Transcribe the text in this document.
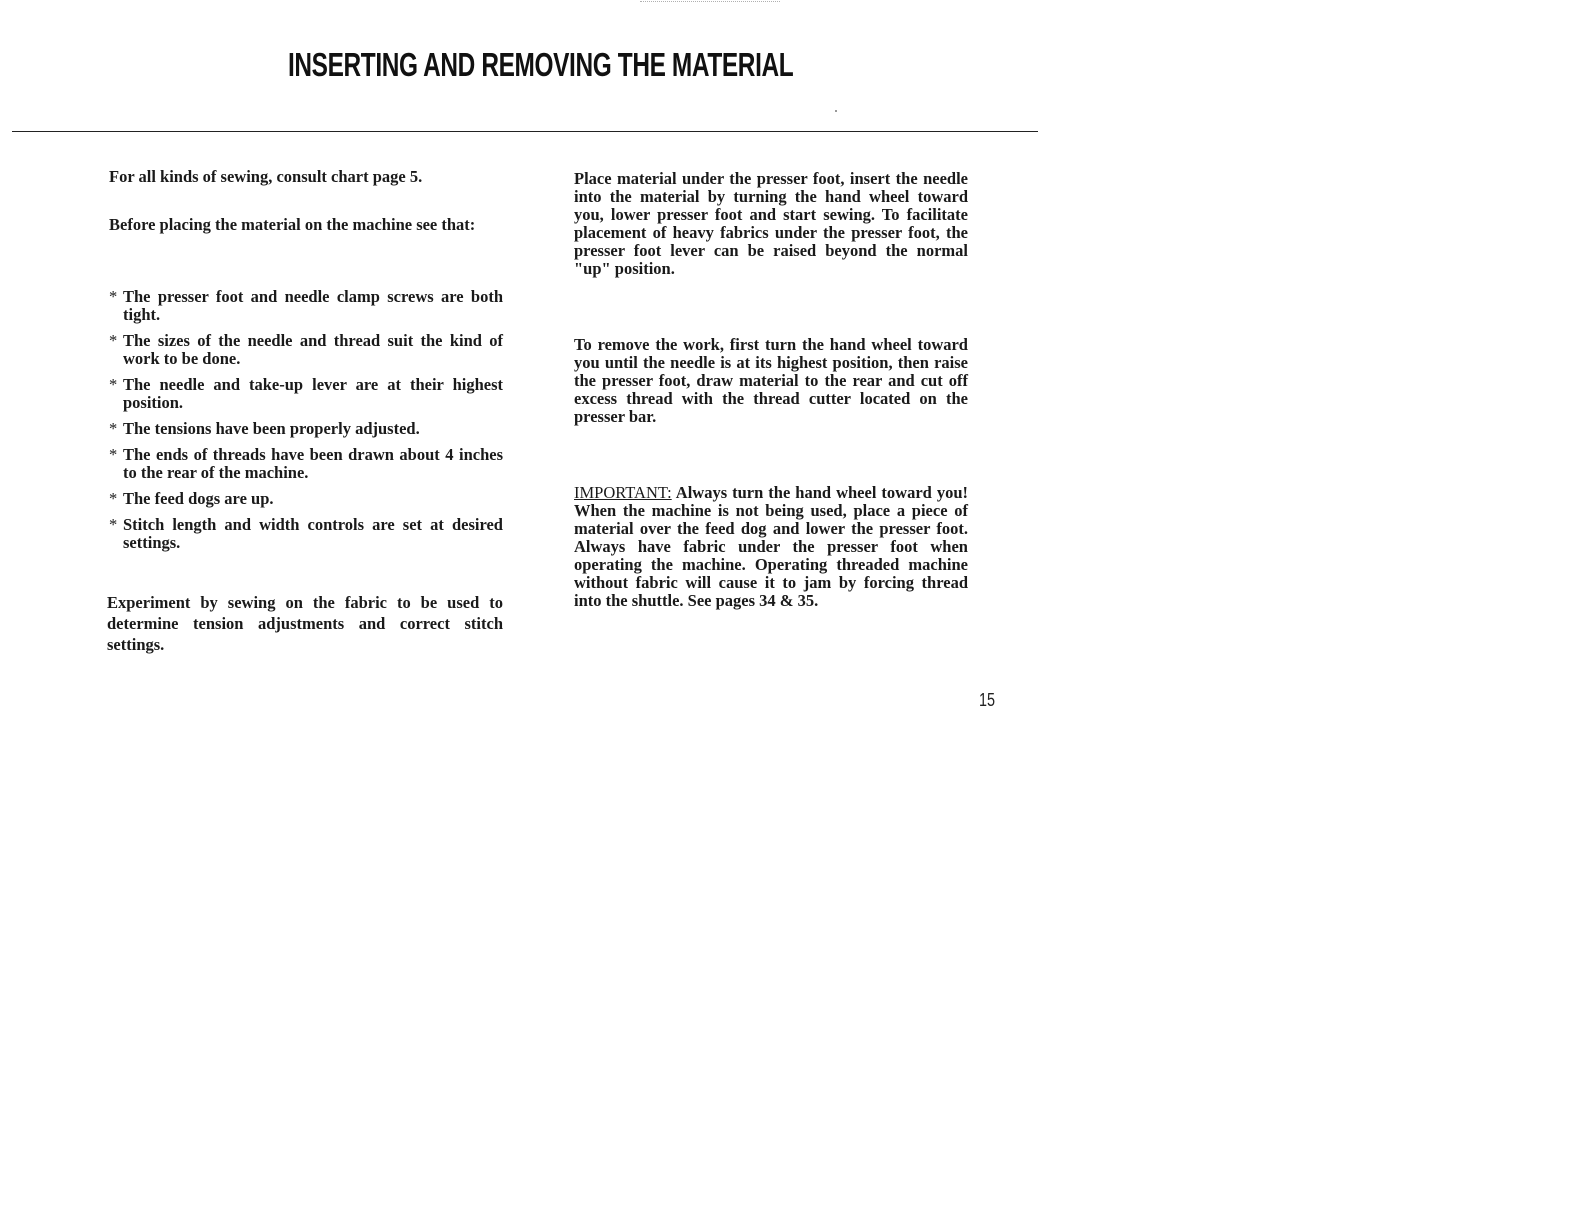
INSERTING AND REMOVING THE MATERIAL

For all kinds of sewing, consult chart page 5.

Before placing the material on the machine see that:

* The presser foot and needle clamp screws are both tight.
* The sizes of the needle and thread suit the kind of work to be done.
* The needle and take-up lever are at their highest position.
* The tensions have been properly adjusted.
* The ends of threads have been drawn about 4 inches to the rear of the machine.
* The feed dogs are up.
* Stitch length and width controls are set at desired settings.

Experiment by sewing on the fabric to be used to determine tension adjustments and correct stitch settings.

Place material under the presser foot, insert the needle into the material by turning the hand wheel toward you, lower presser foot and start sewing. To facilitate placement of heavy fabrics under the presser foot, the presser foot lever can be raised beyond the normal "up" position.

To remove the work, first turn the hand wheel toward you until the needle is at its highest position, then raise the presser foot, draw material to the rear and cut off excess thread with the thread cutter located on the presser bar.

IMPORTANT: Always turn the hand wheel toward you! When the machine is not being used, place a piece of material over the feed dog and lower the presser foot. Always have fabric under the presser foot when operating the machine. Operating threaded machine without fabric will cause it to jam by forcing thread into the shuttle. See pages 34 & 35.

15
